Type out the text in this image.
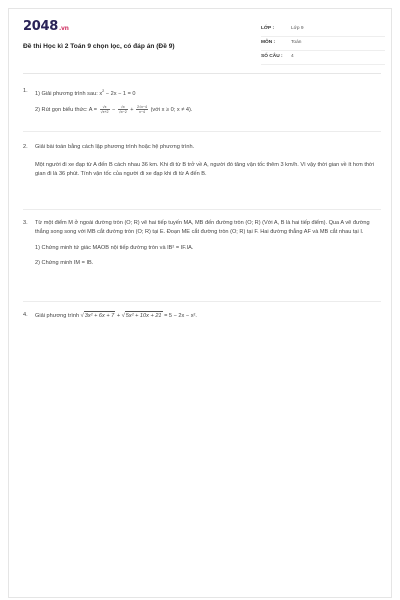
2048.vn
Đề thi Học kì 2 Toán 9 chọn lọc, có đáp án (Đề 9)
LỚP :	Lớp 9
MÔN :	Toán
SỐ CÂU : 4
1. 1) Giải phương trình sau: $x^2 - 2x - 1 = 0$

2) Rút gọn biểu thức: $A = \frac{√x}{√x+2} - \frac{√x}{√x-2} + \frac{2√x-4}{x-4}$ (với x ≥ 0; x ≠ 4).

2. Giải bài toán bằng cách lập phương trình hoặc hệ phương trình.

Một người đi xe đạp từ A đến B cách nhau 36 km. Khi đi từ B trở về A, người đó tăng vận tốc thêm 3 km/h. Vì vậy thời gian về ít hơn thời gian đi là 36 phút. Tính vận tốc của người đi xe đạp khi đi từ A đến B.

3. Từ một điểm M ở ngoài đường tròn (O; R) vẽ hai tiếp tuyến MA, MB đến đường tròn (O; R) (Với A, B là hai tiếp điểm). Qua A vẽ đường thẳng song song với MB cắt đường tròn (O; R) tại E. Đoạn ME cắt đường tròn (O; R) tại F. Hai đường thẳng AF và MB cắt nhau tại I.

1) Chứng minh tứ giác MAOB nội tiếp đường tròn và IB² = IF.IA.

2) Chứng minh IM = IB.

4. Giải phương trình √3x² + 6x + 7 + √5x² + 10x + 21 = 5 − 2x − x².
